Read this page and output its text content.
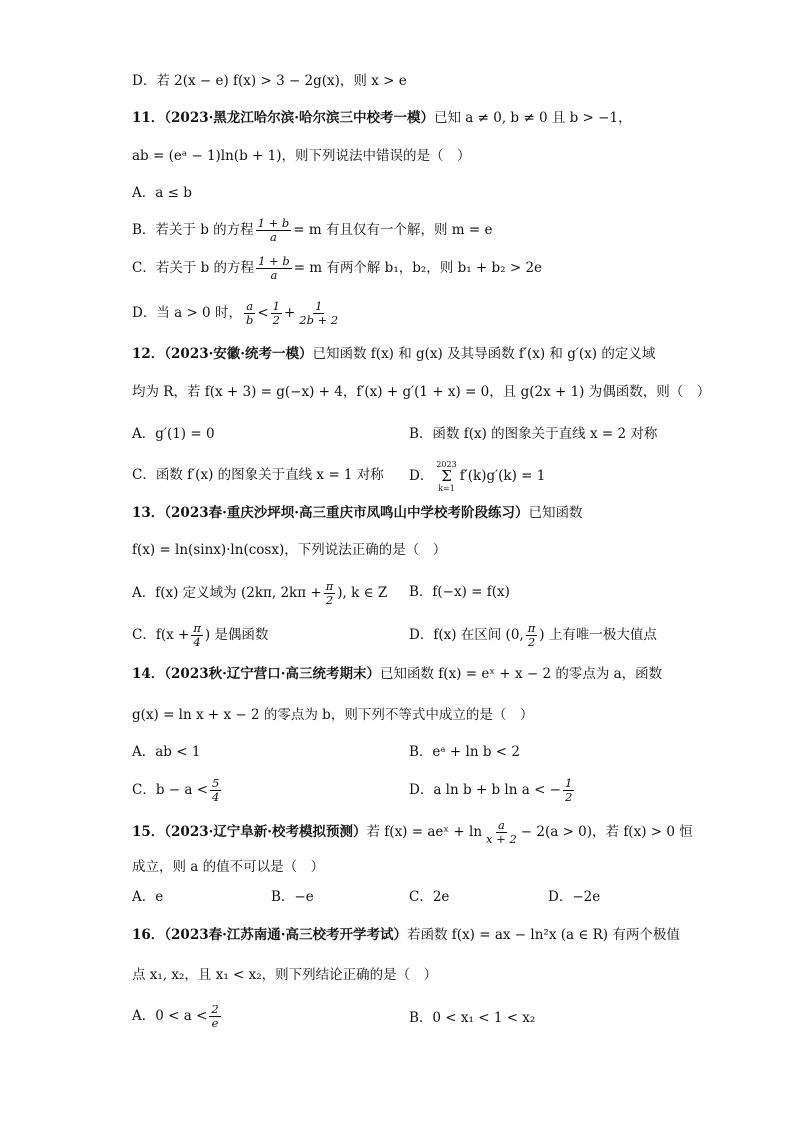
D．若 2(x − e) f(x) > 3 − 2g(x)，则 x > e
11．（2023·黑龙江哈尔滨·哈尔滨三中校考一模）已知 a ≠ 0, b ≠ 0 且 b > −1，
ab = (eᵃ − 1)ln(b + 1)，则下列说法中错误的是（　）
A．a ≤ b
B．若关于 b 的方程 $\frac{1 + b}{a} = m$ 有且仅有一个解，则 m = e
C．若关于 b 的方程 $\frac{1 + b}{a} = m$ 有两个解 b₁，b₂，则 b₁ + b₂ > 2e
D．当 a > 0 时， $\frac{a}{b} < \frac{1}{2} + \frac{1}{2b + 2}$
12．（2023·安徽·统考一模）已知函数 f(x) 和 g(x) 及其导函数 f′(x) 和 g′(x) 的定义域
均为 R，若 f(x + 3) = g(−x) + 4，f′(x) + g′(1 + x) = 0，且 g(2x + 1) 为偶函数，则（　）
A．g′(1) = 0	B．函数 f(x) 的图象关于直线 x = 2 对称
C．函数 f′(x) 的图象关于直线 x = 1 对称 D．
2023
Σ
k=1
f′(k)g′(k) = 1
13．（2023春·重庆沙坪坝·高三重庆市凤鸣山中学校考阶段练习）已知函数
f(x) = ln(sinx)·ln(cosx)，下列说法正确的是（　）
A．f(x) 定义域为 (2kπ, $2k\pi + \frac{\pi}{2}$ ), k ∈ Z B．f(−x) = f(x)
C．$f(x + \frac{\pi}{4}$ ) 是偶函数	D．f(x) 在区间 (0, $\frac{\pi}{2}$ ) 上有唯一极大值点
14．（2023秋·辽宁营口·高三统考期末）已知函数 f(x) = eˣ + x − 2 的零点为 a，函数
g(x) = ln x + x − 2 的零点为 b，则下列不等式中成立的是（　）
A．ab < 1	B．eᵃ + ln b < 2
C．$b - a < \frac{5}{4}$	D．a ln b + b ln a < − $\frac{1}{2}$
15．（2023·辽宁阜新·校考模拟预测）若 f(x) = aeˣ + $\ln \frac{a}{x + 2} - 2(a > 0)$，若 f(x) > 0 恒
成立，则 a 的值不可以是（　）
A．e	B．−e	C．2e	D．−2e
16．（2023春·江苏南通·高三校考开学考试）若函数 f(x) = ax − ln²x (a ∈ R) 有两个极值
点 x₁, x₂，且 x₁ < x₂，则下列结论正确的是（　）
A．$0 < a < \frac{2}{e}$	B．0 < x₁ < 1 < x₂
